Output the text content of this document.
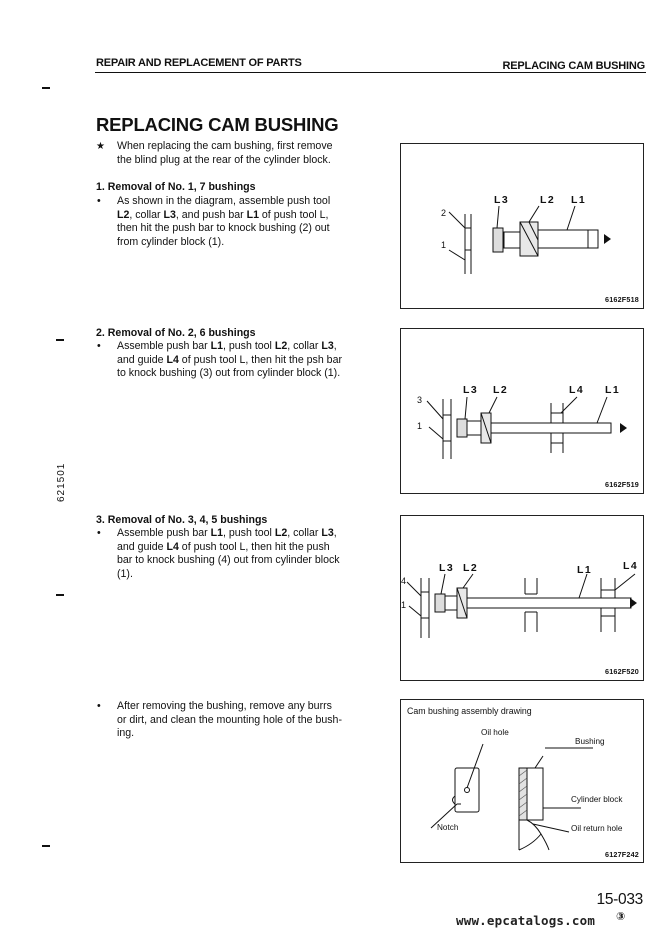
REPAIR AND REPLACEMENT OF PARTS	REPLACING CAM BUSHING
621501
REPLACING CAM BUSHING
★ When replacing the cam bushing, first remove
the blind plug at the rear of the cylinder block.
1. Removal of No. 1, 7 bushings
• As shown in the diagram, assemble push tool
L2, collar L3, and push bar L1 of push tool L,
then hit the push bar to knock bushing (2) out
from cylinder block (1).
2. Removal of No. 2, 6 bushings
• Assemble push bar L1, push tool L2, collar L3,
and guide L4 of push tool L, then hit the psh bar
to knock bushing (3) out from cylinder block (1).
3. Removal of No. 3, 4, 5 bushings
• Assemble push bar L1, push tool L2, collar L3,
and guide L4 of push tool L, then hit the push
bar to knock bushing (4) out from cylinder block
(1).
• After removing the bushing, remove any burrs
or dirt, and clean the mounting hole of the bush-
ing.
L3	L2 L1
2
1
6162F518
L3 L2	L4 L1
3
1
6162F519
L3 L2	L1	L4
4
1
6162F520
Cam bushing assembly drawing
Oil hole
Bushing
Cylinder block
Notch	Oil return hole
6127F242
15-033
www.epcatalogs.com ③
